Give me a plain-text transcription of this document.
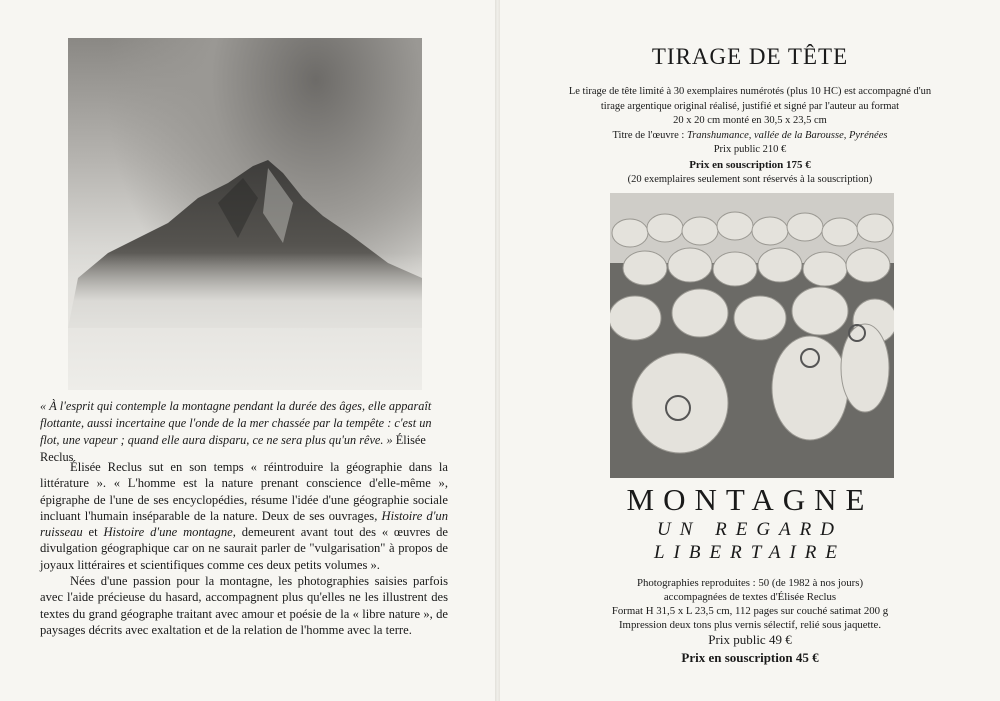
« À l'esprit qui contemple la montagne pendant la durée des âges, elle apparaît flottante, aussi incertaine que l'onde de la mer chassée par la tempête : c'est un flot, une vapeur ; quand elle aura disparu, ce ne sera plus qu'un rêve. » Élisée Reclus

Élisée Reclus sut en son temps « réintroduire la géographie dans la littérature ». « L'homme est la nature prenant conscience d'elle-même », épigraphe de l'une de ses encyclopédies, résume l'idée d'une géographie sociale incluant l'humain inséparable de la nature. Deux de ses ouvrages, Histoire d'un ruisseau et Histoire d'une montagne, demeurent avant tout des « œuvres de divulgation géographique car on ne saurait parler de "vulgarisation" à propos de joyaux littéraires et scientifiques comme ces deux petits volumes ».

Nées d'une passion pour la montagne, les photographies saisies parfois avec l'aide précieuse du hasard, accompagnent plus qu'elles ne les illustrent des textes du grand géographe traitant avec amour et poésie de la « libre nature », de paysages décrits avec exaltation et de la relation de l'homme avec la terre.

TIRAGE DE TÊTE
Le tirage de tête limité à 30 exemplaires numérotés (plus 10 HC) est accompagné d'un
tirage argentique original réalisé, justifié et signé par l'auteur au format
20 x 20 cm monté en 30,5 x 23,5 cm
Titre de l'œuvre : Transhumance, vallée de la Barousse, Pyrénées
Prix public 210 €
Prix en souscription 175 €
(20 exemplaires seulement sont réservés à la souscription)
MONTAGNE
UN REGARD
LIBERTAIRE
Photographies reproduites : 50 (de 1982 à nos jours)
accompagnées de textes d'Élisée Reclus
Format H 31,5 x L 23,5 cm, 112 pages sur couché satimat 200 g
Impression deux tons plus vernis sélectif, relié sous jaquette.
Prix public 49 €
Prix en souscription 45 €
